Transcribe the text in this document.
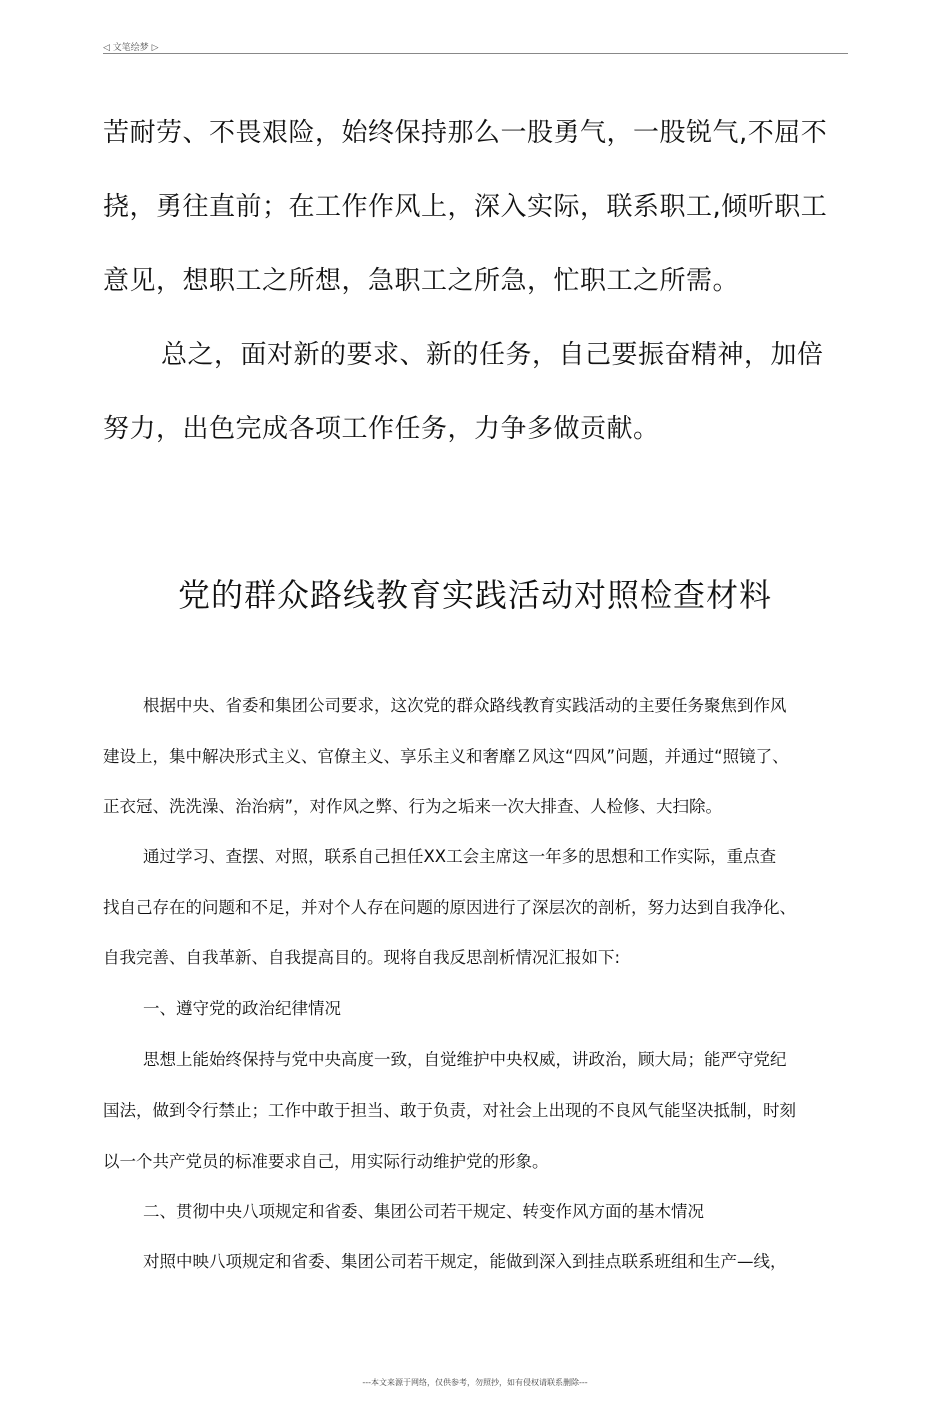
◁ 文笔绘梦 ▷
苦耐劳、不畏艰险，始终保持那么一股勇气，一股锐气,不屈不
挠，勇往直前；在工作作风上，深入实际，联系职工,倾听职工
意见，想职工之所想，急职工之所急，忙职工之所需。
总之，面对新的要求、新的任务，自己要振奋精神，加倍
努力，出色完成各项工作任务，力争多做贡献。
党的群众路线教育实践活动对照检查材料
根据中央、省委和集团公司要求，这次党的群众路线教育实践活动的主要任务聚焦到作风
建设上，集中解决形式主义、官僚主义、享乐主义和奢靡Ｚ风这“四风”问题，并通过“照镜了、
正衣冠、洗洗澡、治治病”，对作风之弊、行为之垢来一次大排查、人检修、大扫除。
通过学习、查摆、对照，联系自己担任XX工会主席这一年多的思想和工作实际，重点查
找自己存在的问题和不足，并对个人存在问题的原因进行了深层次的剖析，努力达到自我净化、
自我完善、自我革新、自我提高目的。现将自我反思剖析情况汇报如下:
一、遵守党的政治纪律情况
思想上能始终保持与党中央高度一致，自觉维护中央权威，讲政治，顾大局；能严守党纪
国法，做到令行禁止；工作中敢于担当、敢于负责，对社会上出现的不良风气能坚决抵制，时刻
以一个共产党员的标准要求自己，用实际行动维护党的形象。
二、贯彻中央八项规定和省委、集团公司若干规定、转变作风方面的基木情况
对照中映八项规定和省委、集团公司若干规定，能做到深入到挂点联系班组和生产—线，
---本文来源于网络，仅供参考，勿照抄，如有侵权请联系删除---
